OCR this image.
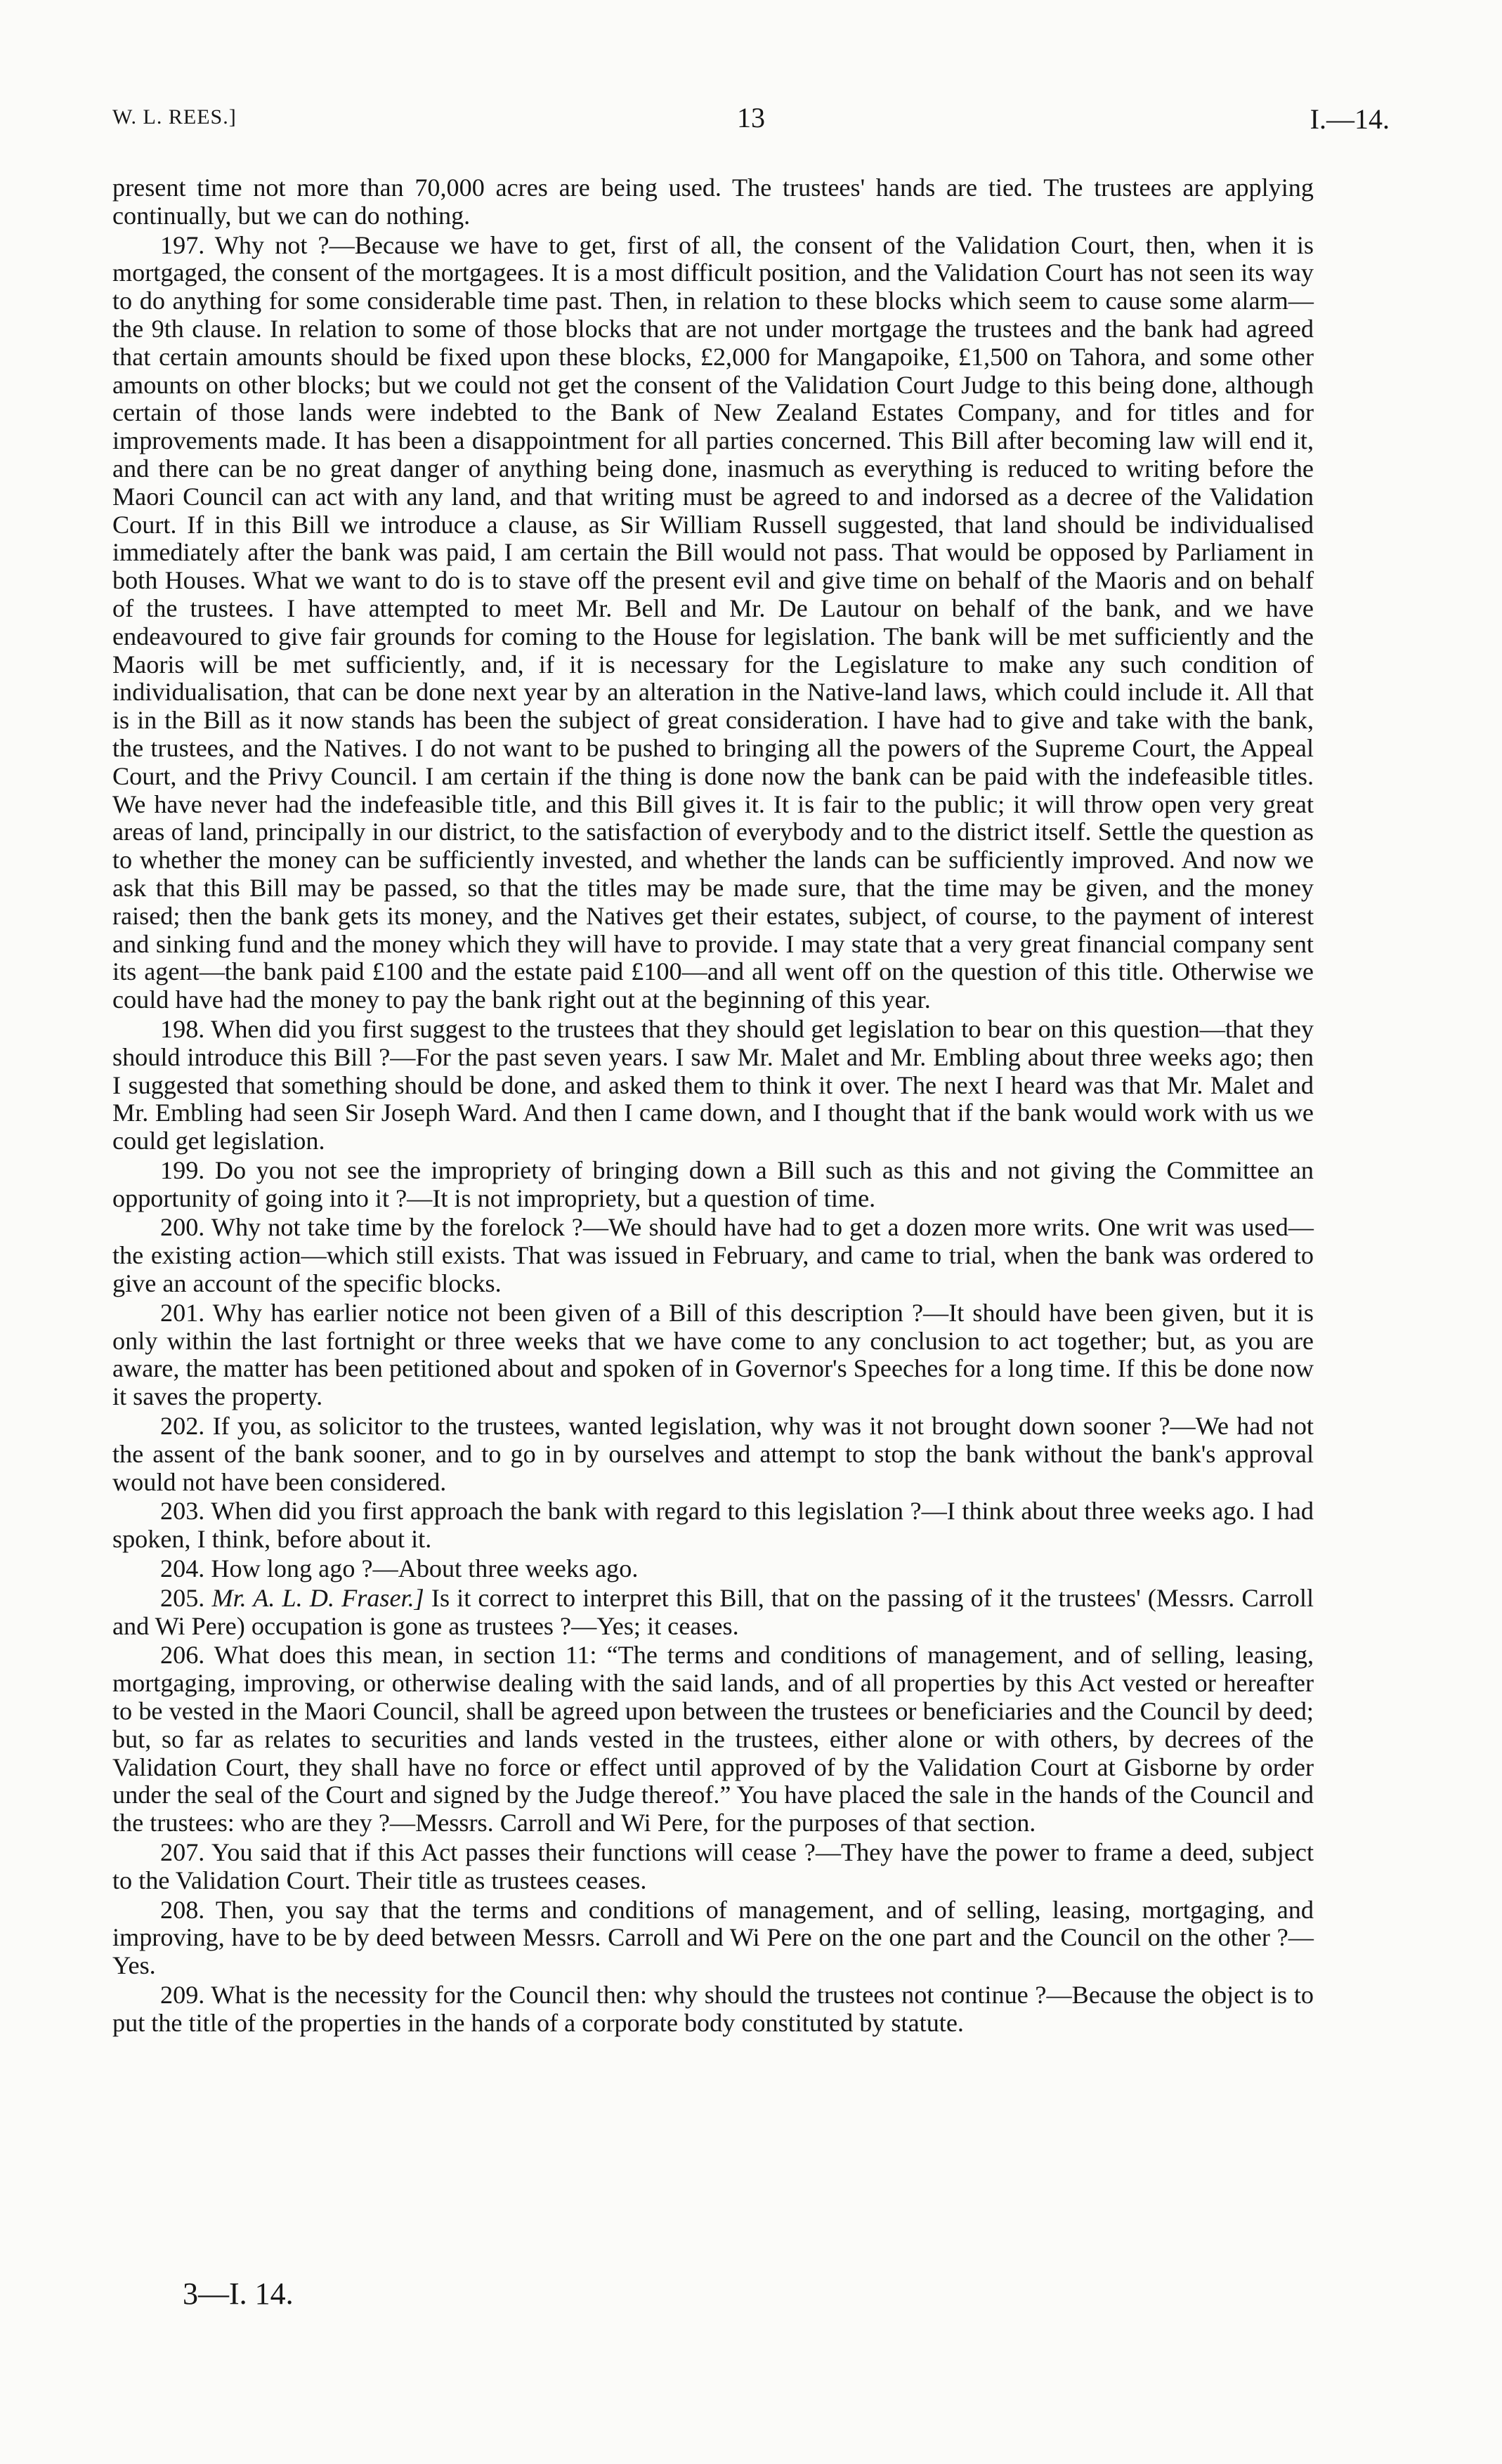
W. L. REES.]	13	I.—14.

present time not more than 70,000 acres are being used. The trustees' hands are tied. The trustees are applying continually, but we can do nothing.

197. Why not ?—Because we have to get, first of all, the consent of the Validation Court, then, when it is mortgaged, the consent of the mortgagees. It is a most difficult position, and the Validation Court has not seen its way to do anything for some considerable time past. Then, in relation to these blocks which seem to cause some alarm—the 9th clause. In relation to some of those blocks that are not under mortgage the trustees and the bank had agreed that certain amounts should be fixed upon these blocks, £2,000 for Mangapoike, £1,500 on Tahora, and some other amounts on other blocks; but we could not get the consent of the Validation Court Judge to this being done, although certain of those lands were indebted to the Bank of New Zealand Estates Company, and for titles and for improvements made. It has been a disappointment for all parties concerned. This Bill after becoming law will end it, and there can be no great danger of anything being done, inasmuch as everything is reduced to writing before the Maori Council can act with any land, and that writing must be agreed to and indorsed as a decree of the Validation Court. If in this Bill we introduce a clause, as Sir William Russell suggested, that land should be individualised immediately after the bank was paid, I am certain the Bill would not pass. That would be opposed by Parliament in both Houses. What we want to do is to stave off the present evil and give time on behalf of the Maoris and on behalf of the trustees. I have attempted to meet Mr. Bell and Mr. De Lautour on behalf of the bank, and we have endeavoured to give fair grounds for coming to the House for legislation. The bank will be met sufficiently and the Maoris will be met sufficiently, and, if it is necessary for the Legislature to make any such condition of individualisation, that can be done next year by an alteration in the Native-land laws, which could include it. All that is in the Bill as it now stands has been the subject of great consideration. I have had to give and take with the bank, the trustees, and the Natives. I do not want to be pushed to bringing all the powers of the Supreme Court, the Appeal Court, and the Privy Council. I am certain if the thing is done now the bank can be paid with the indefeasible titles. We have never had the indefeasible title, and this Bill gives it. It is fair to the public; it will throw open very great areas of land, principally in our district, to the satisfaction of everybody and to the district itself. Settle the question as to whether the money can be sufficiently invested, and whether the lands can be sufficiently improved. And now we ask that this Bill may be passed, so that the titles may be made sure, that the time may be given, and the money raised; then the bank gets its money, and the Natives get their estates, subject, of course, to the payment of interest and sinking fund and the money which they will have to provide. I may state that a very great financial company sent its agent—the bank paid £100 and the estate paid £100—and all went off on the question of this title. Otherwise we could have had the money to pay the bank right out at the beginning of this year.

198. When did you first suggest to the trustees that they should get legislation to bear on this question—that they should introduce this Bill ?—For the past seven years. I saw Mr. Malet and Mr. Embling about three weeks ago; then I suggested that something should be done, and asked them to think it over. The next I heard was that Mr. Malet and Mr. Embling had seen Sir Joseph Ward. And then I came down, and I thought that if the bank would work with us we could get legislation.

199. Do you not see the impropriety of bringing down a Bill such as this and not giving the Committee an opportunity of going into it ?—It is not impropriety, but a question of time.

200. Why not take time by the forelock ?—We should have had to get a dozen more writs. One writ was used—the existing action—which still exists. That was issued in February, and came to trial, when the bank was ordered to give an account of the specific blocks.

201. Why has earlier notice not been given of a Bill of this description ?—It should have been given, but it is only within the last fortnight or three weeks that we have come to any conclusion to act together; but, as you are aware, the matter has been petitioned about and spoken of in Governor's Speeches for a long time. If this be done now it saves the property.

202. If you, as solicitor to the trustees, wanted legislation, why was it not brought down sooner ?—We had not the assent of the bank sooner, and to go in by ourselves and attempt to stop the bank without the bank's approval would not have been considered.

203. When did you first approach the bank with regard to this legislation ?—I think about three weeks ago. I had spoken, I think, before about it.

204. How long ago ?—About three weeks ago.

205. Mr. A. L. D. Fraser.] Is it correct to interpret this Bill, that on the passing of it the trustees' (Messrs. Carroll and Wi Pere) occupation is gone as trustees ?—Yes; it ceases.

206. What does this mean, in section 11: “The terms and conditions of management, and of selling, leasing, mortgaging, improving, or otherwise dealing with the said lands, and of all properties by this Act vested or hereafter to be vested in the Maori Council, shall be agreed upon between the trustees or beneficiaries and the Council by deed; but, so far as relates to securities and lands vested in the trustees, either alone or with others, by decrees of the Validation Court, they shall have no force or effect until approved of by the Validation Court at Gisborne by order under the seal of the Court and signed by the Judge thereof.” You have placed the sale in the hands of the Council and the trustees: who are they ?—Messrs. Carroll and Wi Pere, for the purposes of that section.

207. You said that if this Act passes their functions will cease ?—They have the power to frame a deed, subject to the Validation Court. Their title as trustees ceases.

208. Then, you say that the terms and conditions of management, and of selling, leasing, mortgaging, and improving, have to be by deed between Messrs. Carroll and Wi Pere on the one part and the Council on the other ?—Yes.

209. What is the necessity for the Council then: why should the trustees not continue ?—Because the object is to put the title of the properties in the hands of a corporate body constituted by statute.

3—I. 14.
